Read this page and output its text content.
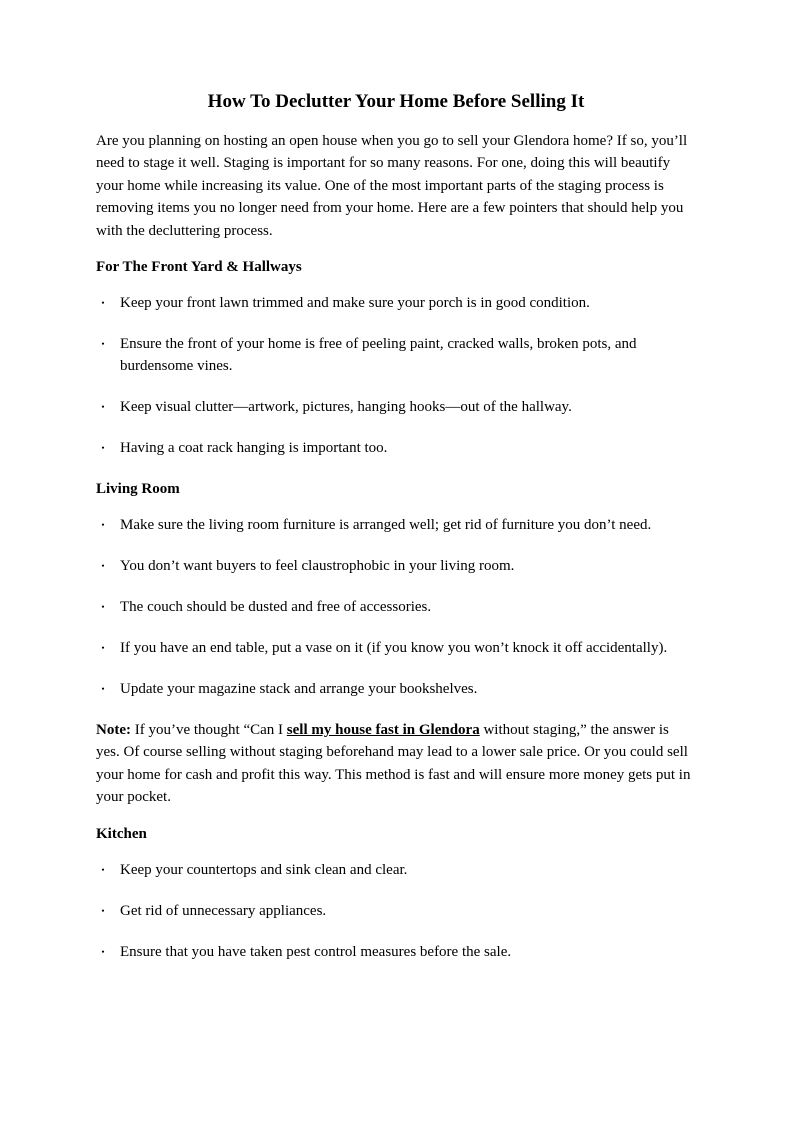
How To Declutter Your Home Before Selling It

Are you planning on hosting an open house when you go to sell your Glendora home? If so, you’ll need to stage it well. Staging is important for so many reasons. For one, doing this will beautify your home while increasing its value. One of the most important parts of the staging process is removing items you no longer need from your home. Here are a few pointers that should help you with the decluttering process.

For The Front Yard & Hallways
・ Keep your front lawn trimmed and make sure your porch is in good condition.
・ Ensure the front of your home is free of peeling paint, cracked walls, broken pots, and burdensome vines.
・ Keep visual clutter—artwork, pictures, hanging hooks—out of the hallway.
・ Having a coat rack hanging is important too.
Living Room
・ Make sure the living room furniture is arranged well; get rid of furniture you don’t need.
・ You don’t want buyers to feel claustrophobic in your living room.
・ The couch should be dusted and free of accessories.
・ If you have an end table, put a vase on it (if you know you won’t knock it off accidentally).
・ Update your magazine stack and arrange your bookshelves.

Note: If you’ve thought “Can I sell my house fast in Glendora without staging,” the answer is yes. Of course selling without staging beforehand may lead to a lower sale price. Or you could sell your home for cash and profit this way. This method is fast and will ensure more money gets put in your pocket.

Kitchen
・ Keep your countertops and sink clean and clear.
・ Get rid of unnecessary appliances.
・ Ensure that you have taken pest control measures before the sale.
